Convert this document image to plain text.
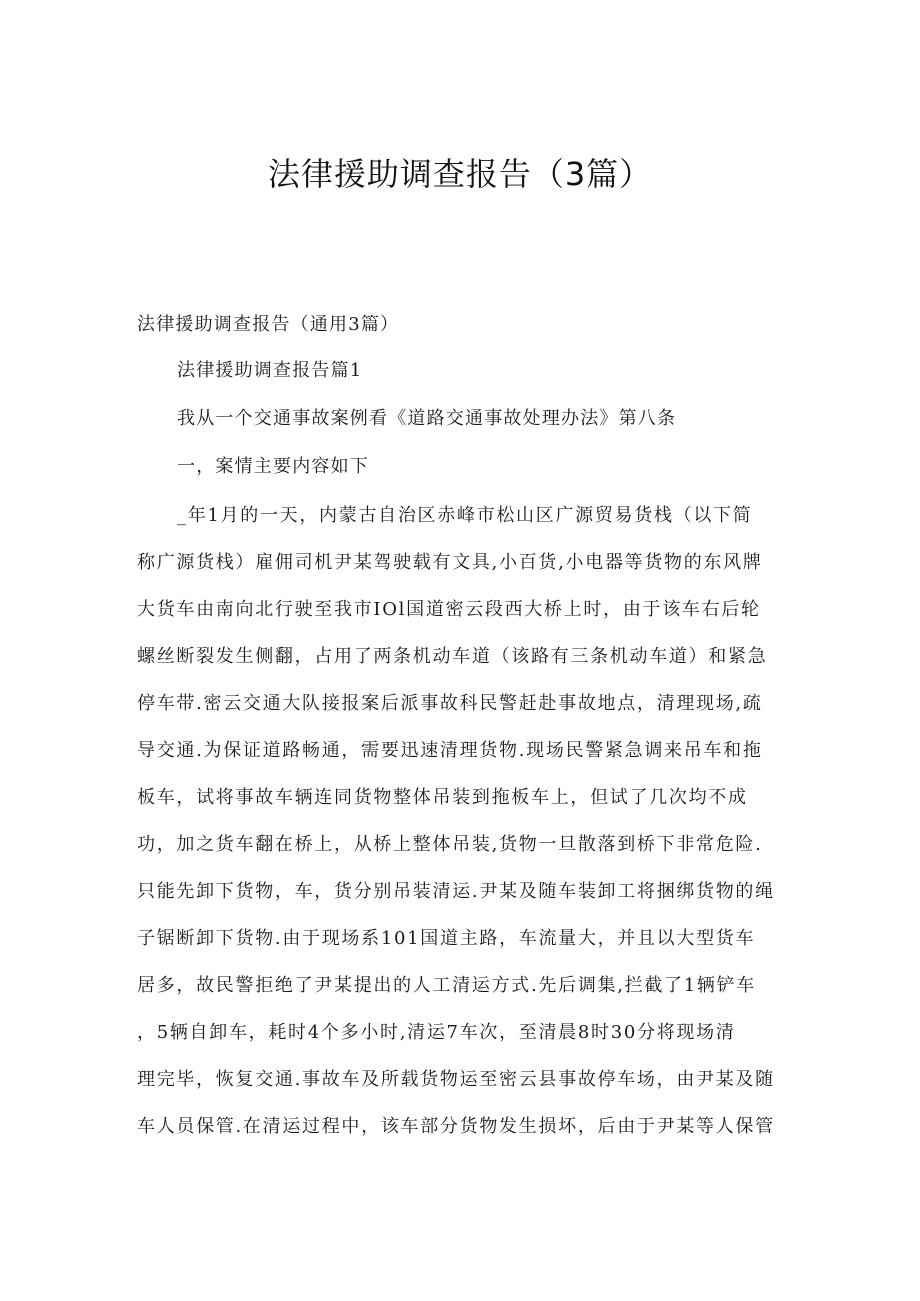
法律援助调查报告（3篇）
法律援助调查报告（通用3篇）
法律援助调查报告篇1
我从一个交通事故案例看《道路交通事故处理办法》第八条
一，案情主要内容如下
_年1月的一天，内蒙古自治区赤峰市松山区广源贸易货栈（以下简
称广源货栈）雇佣司机尹某驾驶载有文具,小百货,小电器等货物的东风牌
大货车由南向北行驶至我市IOl国道密云段西大桥上时，由于该车右后轮
螺丝断裂发生侧翻，占用了两条机动车道（该路有三条机动车道）和紧急
停车带.密云交通大队接报案后派事故科民警赶赴事故地点，清理现场,疏
导交通.为保证道路畅通，需要迅速清理货物.现场民警紧急调来吊车和拖
板车，试将事故车辆连同货物整体吊装到拖板车上，但试了几次均不成
功，加之货车翻在桥上，从桥上整体吊装,货物一旦散落到桥下非常危险.
只能先卸下货物，车，货分别吊装清运.尹某及随车装卸工将捆绑货物的绳
子锯断卸下货物.由于现场系101国道主路，车流量大，并且以大型货车
居多，故民警拒绝了尹某提出的人工清运方式.先后调集,拦截了1辆铲车
，5辆自卸车，耗时4个多小时,清运7车次，至清晨8时30分将现场清
理完毕，恢复交通.事故车及所载货物运至密云县事故停车场，由尹某及随
车人员保管.在清运过程中，该车部分货物发生损坏，后由于尹某等人保管
